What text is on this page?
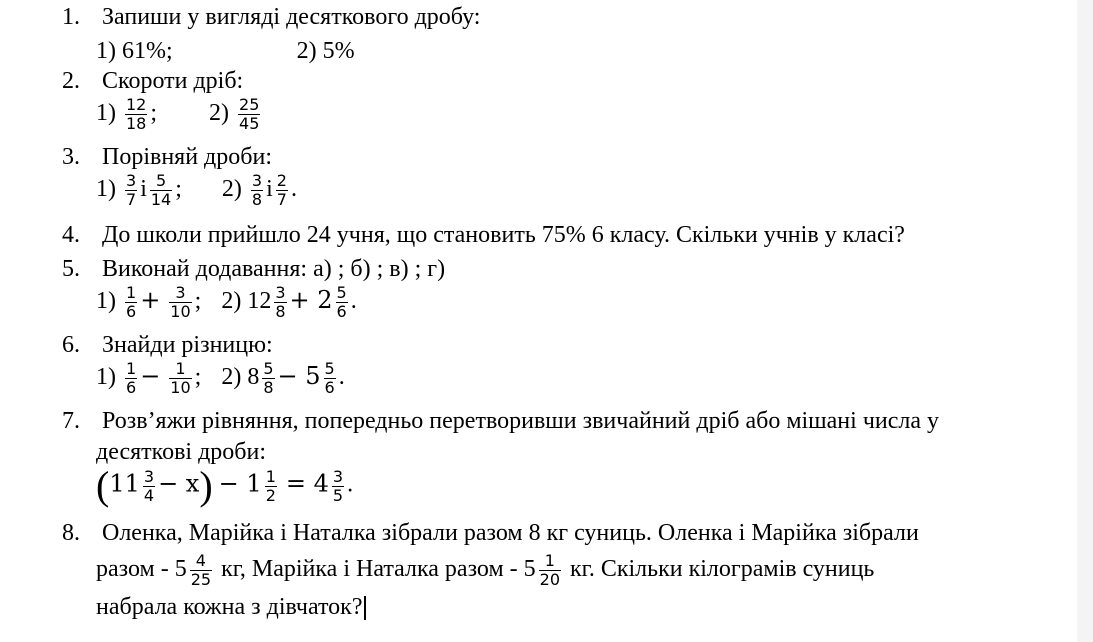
1. Запиши у вигляді десяткового дробу:
1) 61%;	2) 5%
2. Скороти дріб:
$1) \frac{12}{18}$ ; $2) \frac{25}{45}$
3. Порівняй дроби:
$1) \frac{3}{7}$ і $\frac{5}{14}$ ; $2) \frac{3}{8}$ і $\frac{2}{7}$ .
4. До школи прийшло 24 учня, що становить 75% 6 класу. Скільки учнів у класі?
5. Виконай додавання: а) ; б) ; в) ; г)
$1) \frac{1}{6} + \frac{3}{10}$ ; 2) $12 \frac{3}{8} + 2 \frac{5}{6}$ .
6. Знайди різницю:
$1) \frac{1}{6} - \frac{1}{10}$ ; 2) $8 \frac{5}{8} - 5 \frac{5}{6}$ .
7. Розв’яжи рівняння, попередньо перетворивши звичайний дріб або мішані числа у
десяткові дроби:
$(11 \frac{3}{4} - x) - 1 \frac{1}{2} = 4 \frac{3}{5}$ .
8. Оленка, Марійка і Наталка зібрали разом 8 кг суниць. Оленка і Марійка зібрали
разом - $5 \frac{4}{25}$ кг, Марійка і Наталка разом - $5 \frac{1}{20}$ кг. Скільки кілограмів суниць
набрала кожна з дівчаток?
